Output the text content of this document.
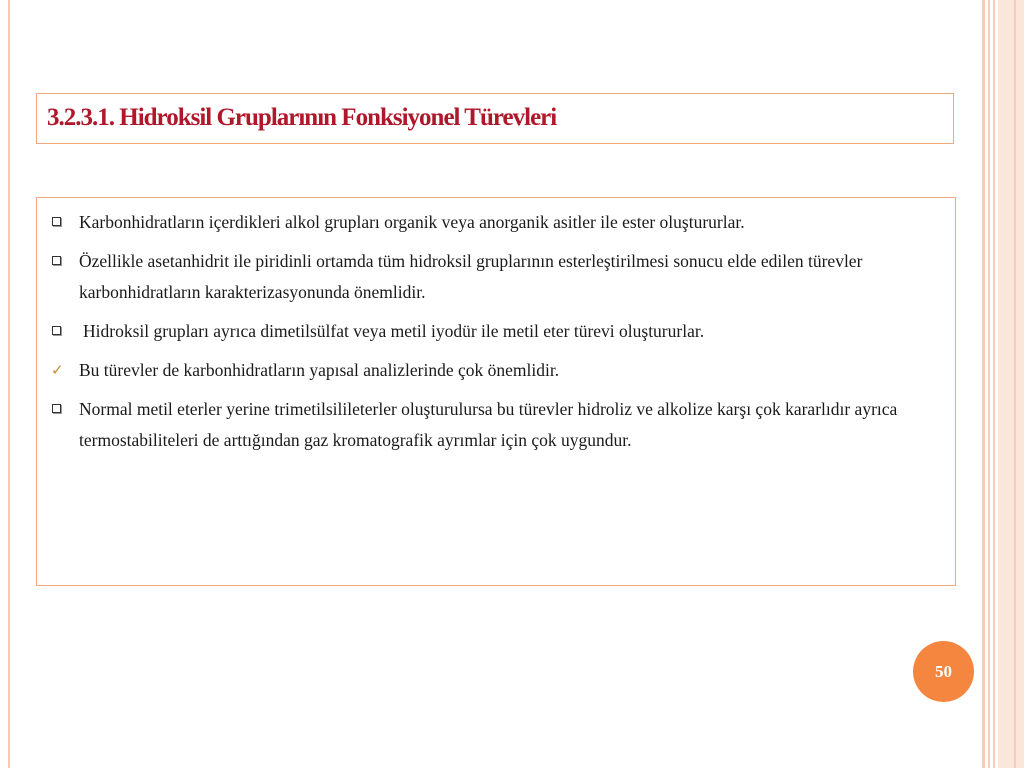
3.2.3.1. Hidroksil Gruplarının Fonksiyonel Türevleri
Karbonhidratların içerdikleri alkol grupları organik veya anorganik asitler ile ester oluştururlar.
Özellikle asetanhidrit ile piridinli ortamda tüm hidroksil gruplarının esterleştirilmesi sonucu elde edilen türevler karbonhidratların karakterizasyonunda önemlidir.
Hidroksil grupları ayrıca dimetilsülfat veya metil iyodür ile metil eter türevi oluştururlar.
✓ Bu türevler de karbonhidratların yapısal analizlerinde çok önemlidir.
Normal metil eterler yerine trimetilsilileterler oluşturulursa bu türevler hidroliz ve alkolize karşı çok kararlıdır ayrıca termostabiliteleri de arttığından gaz kromatografik ayrımlar için çok uygundur.
50
